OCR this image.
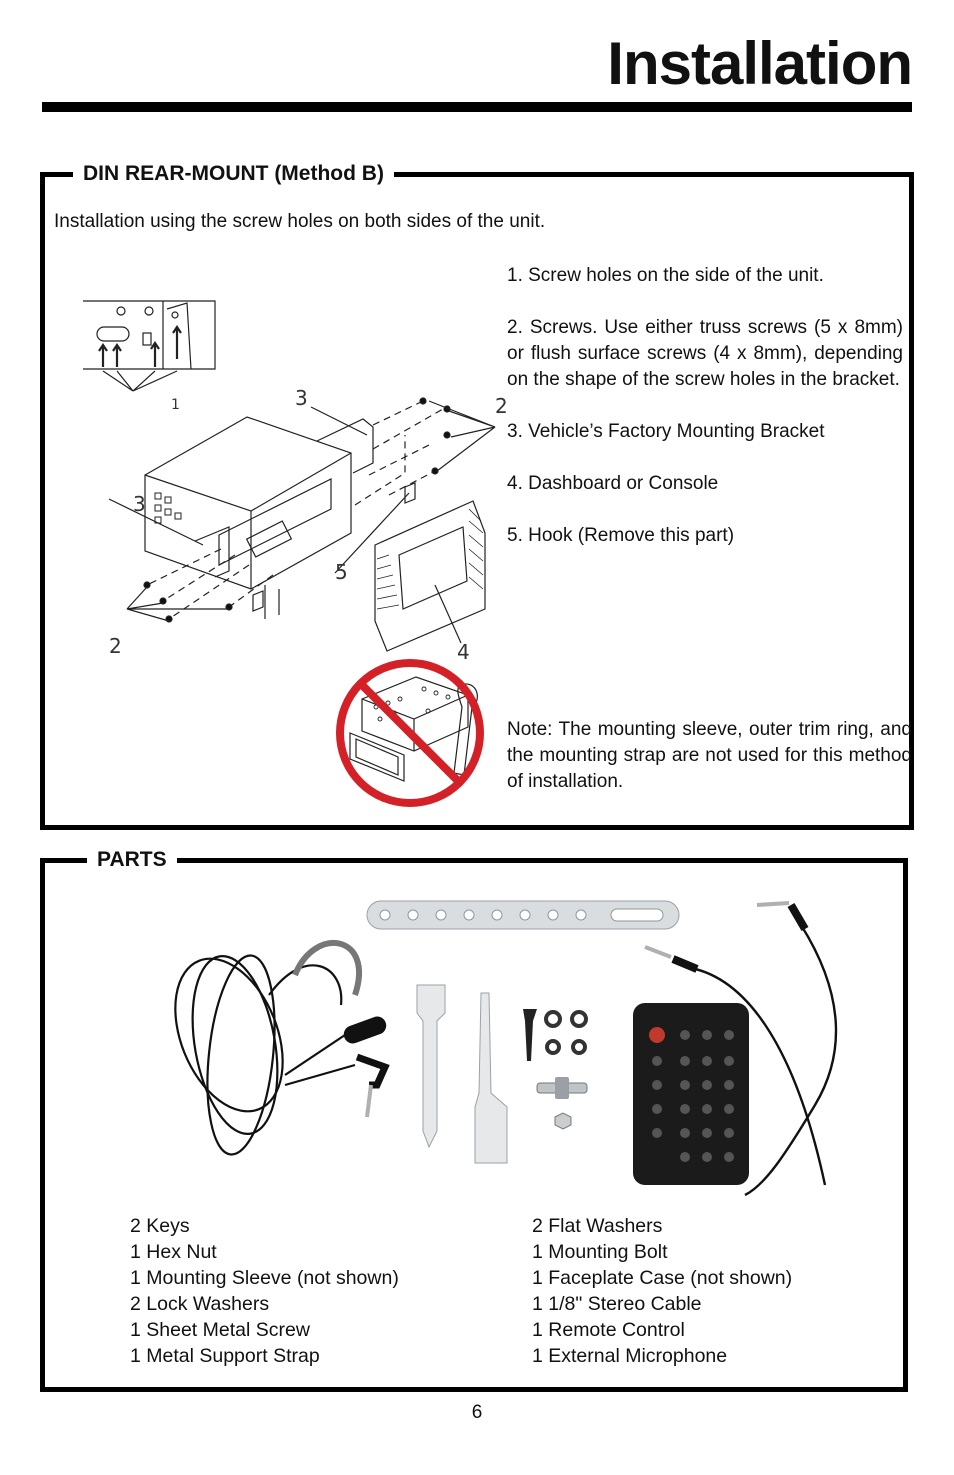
Installation
DIN REAR-MOUNT (Method B)
Installation using the screw holes on both sides of the unit.
1	2
3
3
2	4
5

1. Screw holes on the side of the unit.

2. Screws. Use either truss screws (5 x 8mm) or flush surface screws (4 x 8mm), depending on the shape of the screw holes in the bracket.

3. Vehicle’s Factory Mounting Bracket

4. Dashboard or Console

5. Hook (Remove this part)

Note: The mounting sleeve, outer trim ring, and the mounting strap are not used for this method of installation.
PARTS
2 Keys
1 Hex Nut
1 Mounting Sleeve (not shown)
2 Lock Washers
1 Sheet Metal Screw
1 Metal Support Strap
2 Flat Washers
1 Mounting Bolt
1 Faceplate Case (not shown)
1 1/8" Stereo Cable
1 Remote Control
1 External Microphone
6
